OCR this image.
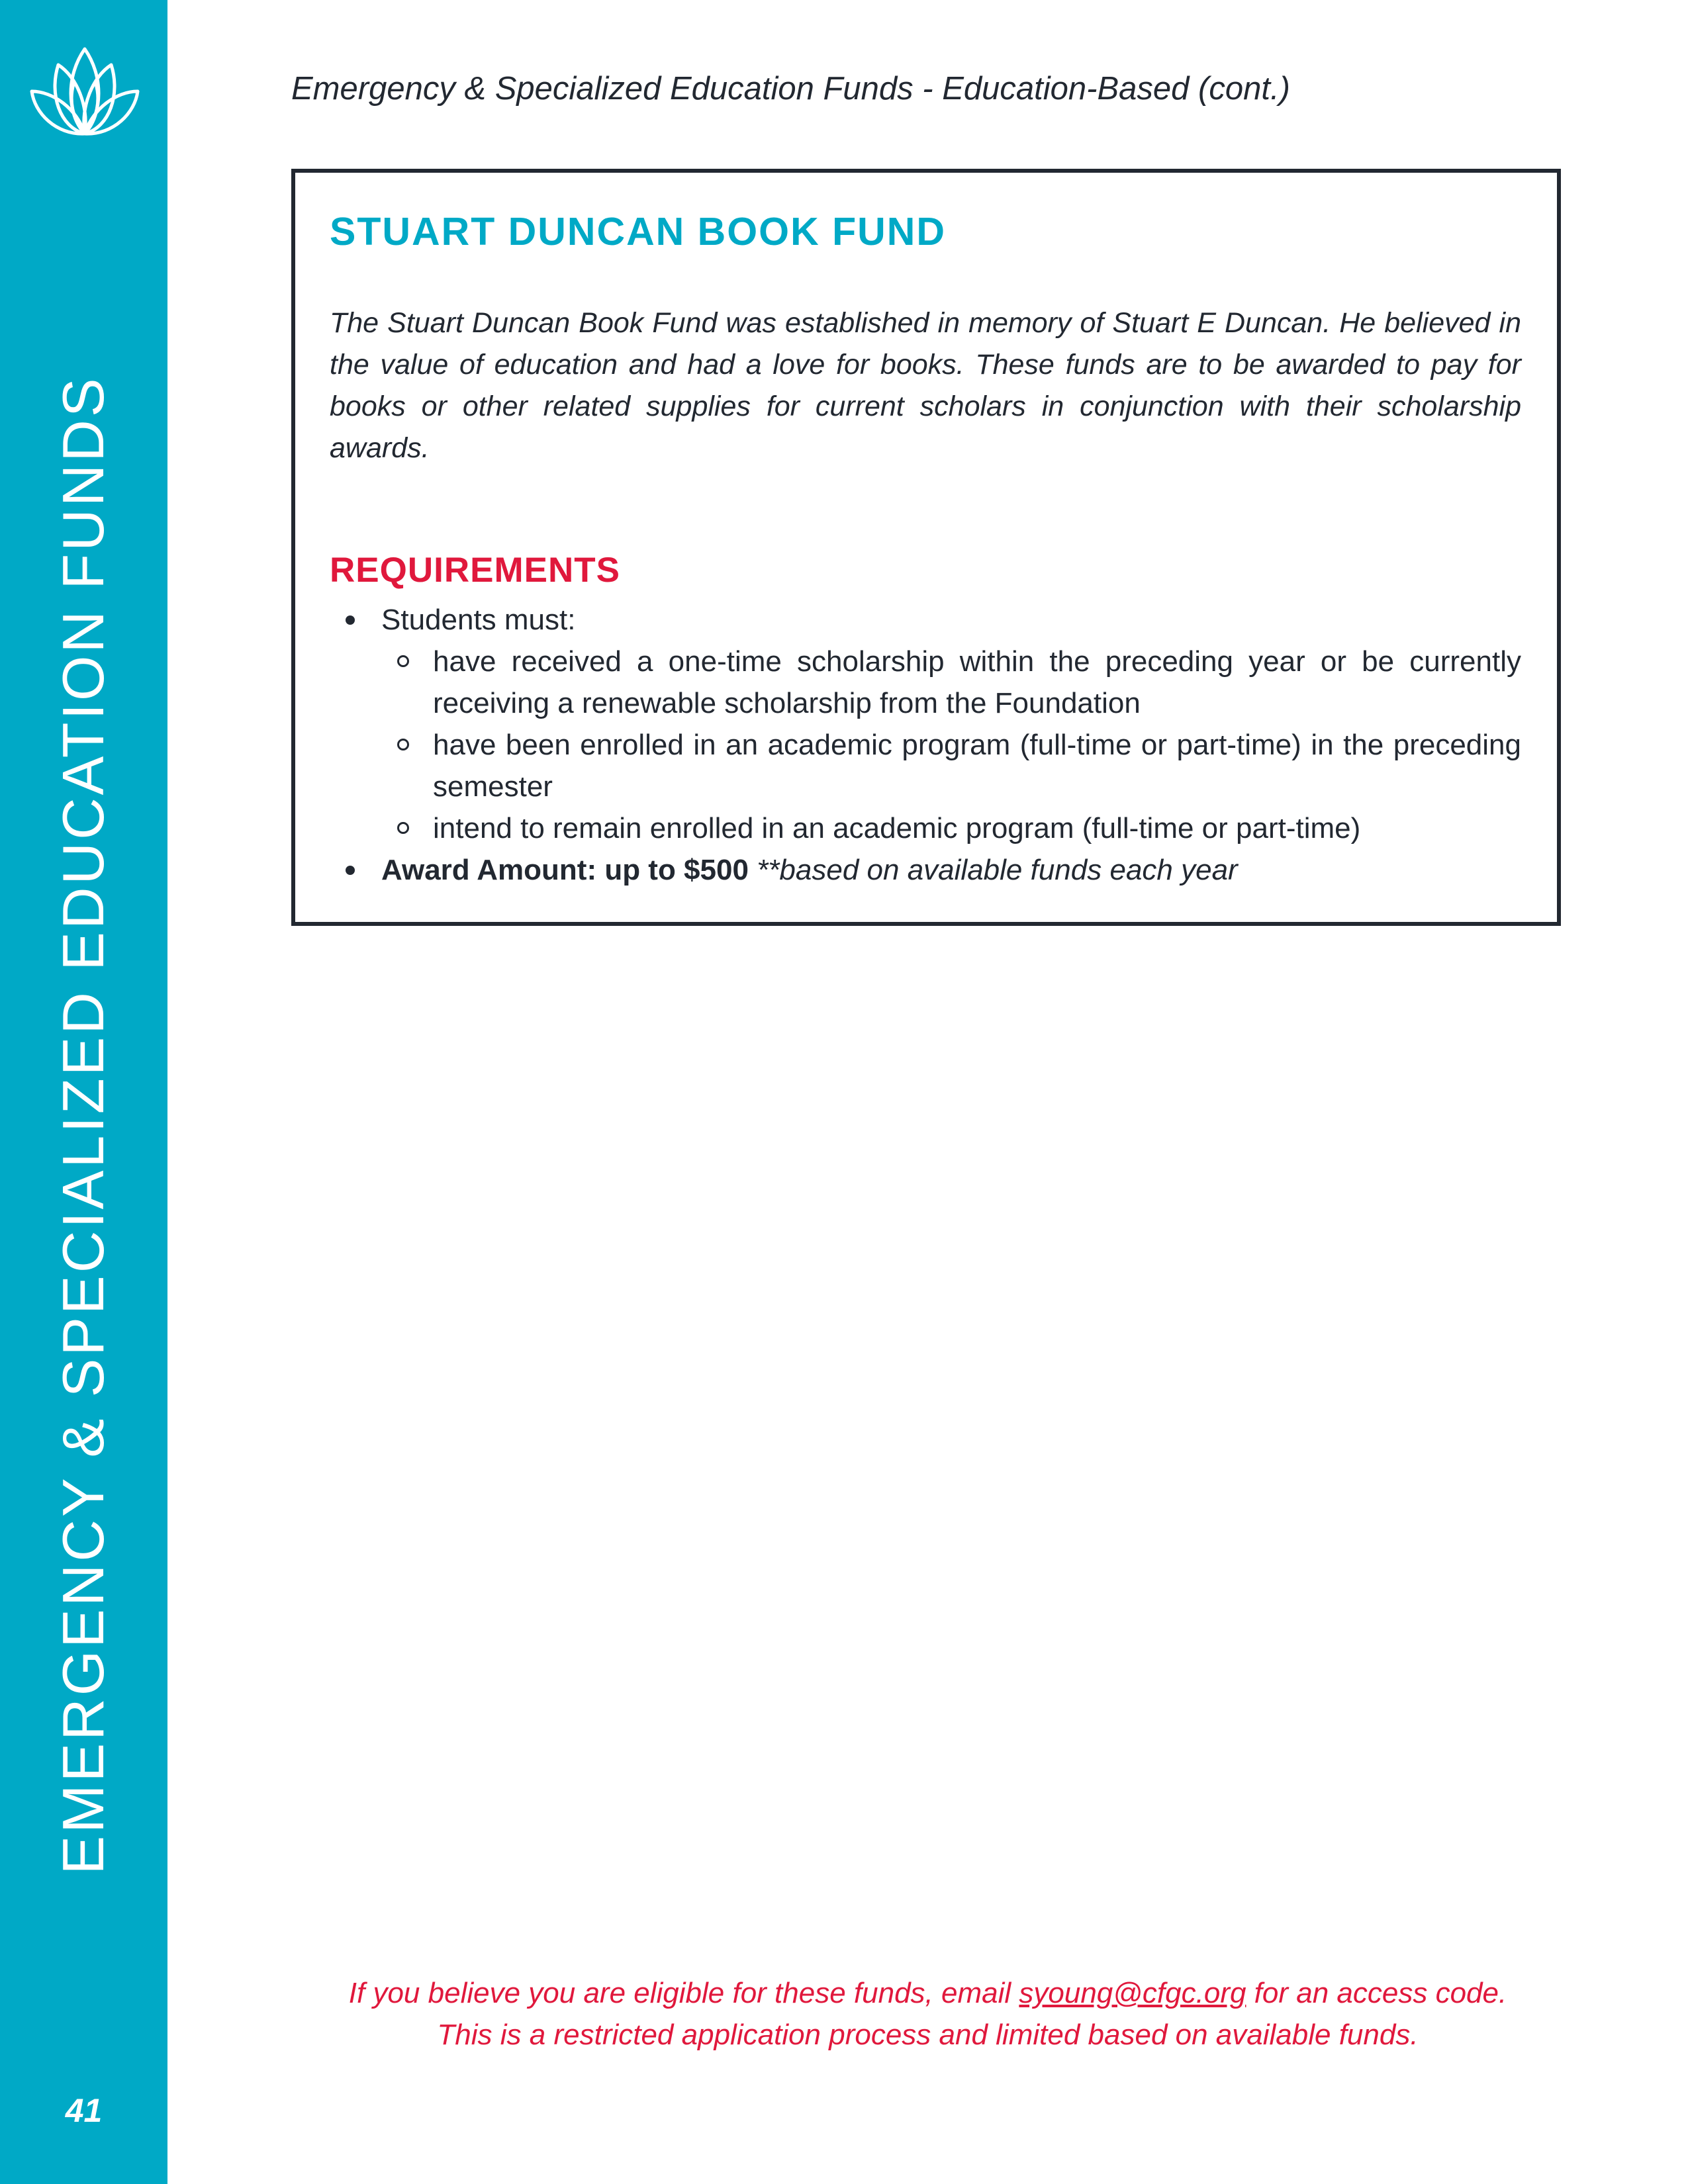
EMERGENCY & SPECIALIZED EDUCATION FUNDS
41
Emergency & Specialized Education Funds - Education-Based (cont.)
STUART DUNCAN BOOK FUND

The Stuart Duncan Book Fund was established in memory of Stuart E Duncan. He believed in the value of education and had a love for books. These funds are to be awarded to pay for books or other related supplies for current scholars in conjunction with their scholarship awards.

REQUIREMENTS
Students must:
have received a one-time scholarship within the preceding year or be currently receiving a renewable scholarship from the Foundation
have been enrolled in an academic program (full-time or part-time) in the preceding semester
intend to remain enrolled in an academic program (full-time or part-time)
Award Amount: up to $500 **based on available funds each year
If you believe you are eligible for these funds, email syoung@cfgc.org for an access code.
This is a restricted application process and limited based on available funds.
